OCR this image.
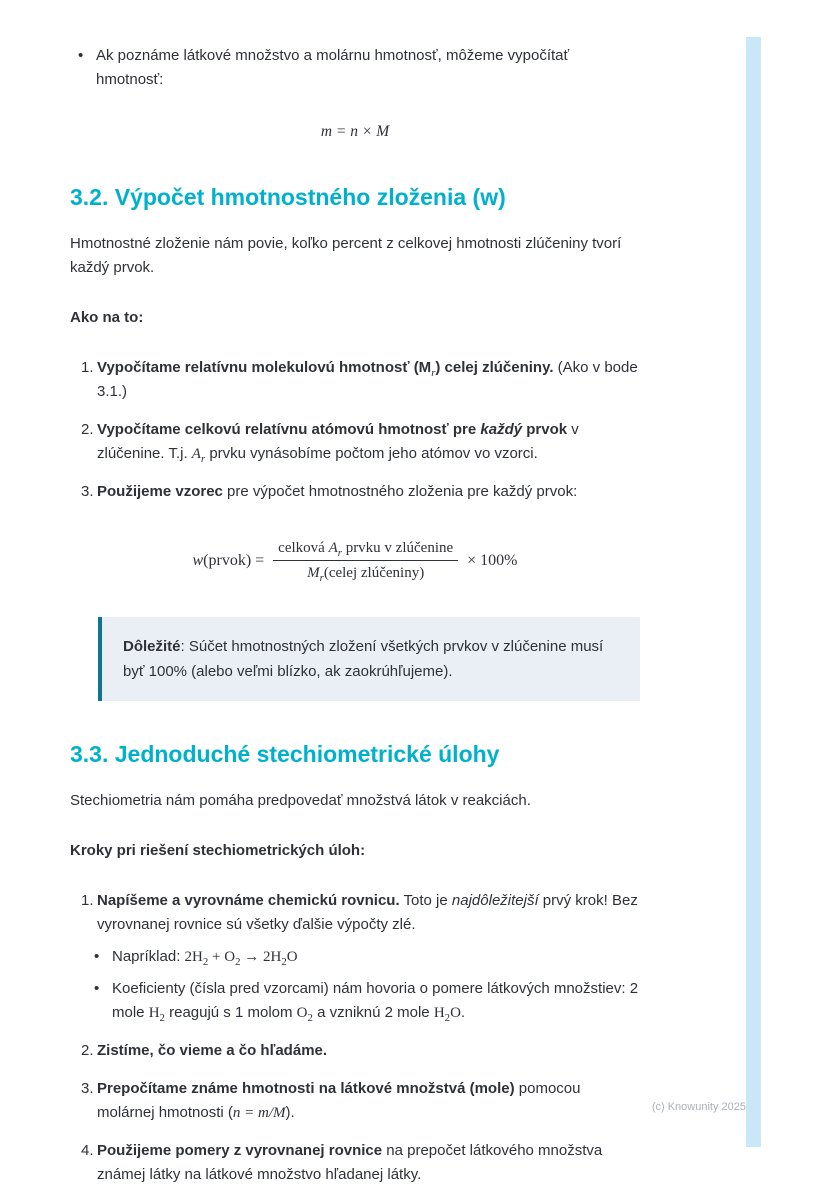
• Ak poznáme látkové množstvo a molárnu hmotnosť, môžeme vypočítať hmotnosť:
m = n × M
3.2. Výpočet hmotnostného zloženia (w)

Hmotnostné zloženie nám povie, koľko percent z celkovej hmotnosti zlúčeniny tvorí každý prvok.

Ako na to:

1. Vypočítame relatívnu molekulovú hmotnosť $(M_r)$ celej zlúčeniny. (Ako v bode 3.1.)
2. Vypočítame celkovú relatívnu atómovú hmotnosť pre každý prvok v zlúčenine. T.j. $A_r$ prvku vynásobíme počtom jeho atómov vo vzorci.
3. Použijeme vzorec pre výpočet hmotnostného zloženia pre každý prvok:
w (prvok) = $\frac{celková A_r prvku v zlúčenine}{M_r(celej zlúčeniny)} \times 100\%$
Dôležité: Súčet hmotnostných zložení všetkých prvkov v zlúčenine musí byť 100% (alebo veľmi blízko, ak zaokrúhľujeme).
3.3. Jednoduché stechiometrické úlohy

Stechiometria nám pomáha predpovedať množstvá látok v reakciách.

Kroky pri riešení stechiometrických úloh:

1. Napíšeme a vyrovnáme chemickú rovnicu. Toto je najdôležitejší prvý krok! Bez vyrovnanej rovnice sú všetky ďalšie výpočty zlé.
• Napríklad: $2H_2 + O_2 \to 2H_2O$
• Koeficienty (čísla pred vzorcami) nám hovoria o pomere látkových množstiev: 2 mole $H_2$ reagujú s 1 molom $O_2$ a vzniknú 2 mole $H_2O$.
2. Zistíme, čo vieme a čo hľadáme.
3. Prepočítame známe hmotnosti na látkové množstvá (mole) pomocou molárnej hmotnosti (n = m/M).
4. Použijeme pomery z vyrovnanej rovnice na prepočet látkového množstva známej látky na látkové množstvo hľadanej látky.
(c) Knowunity 2025
